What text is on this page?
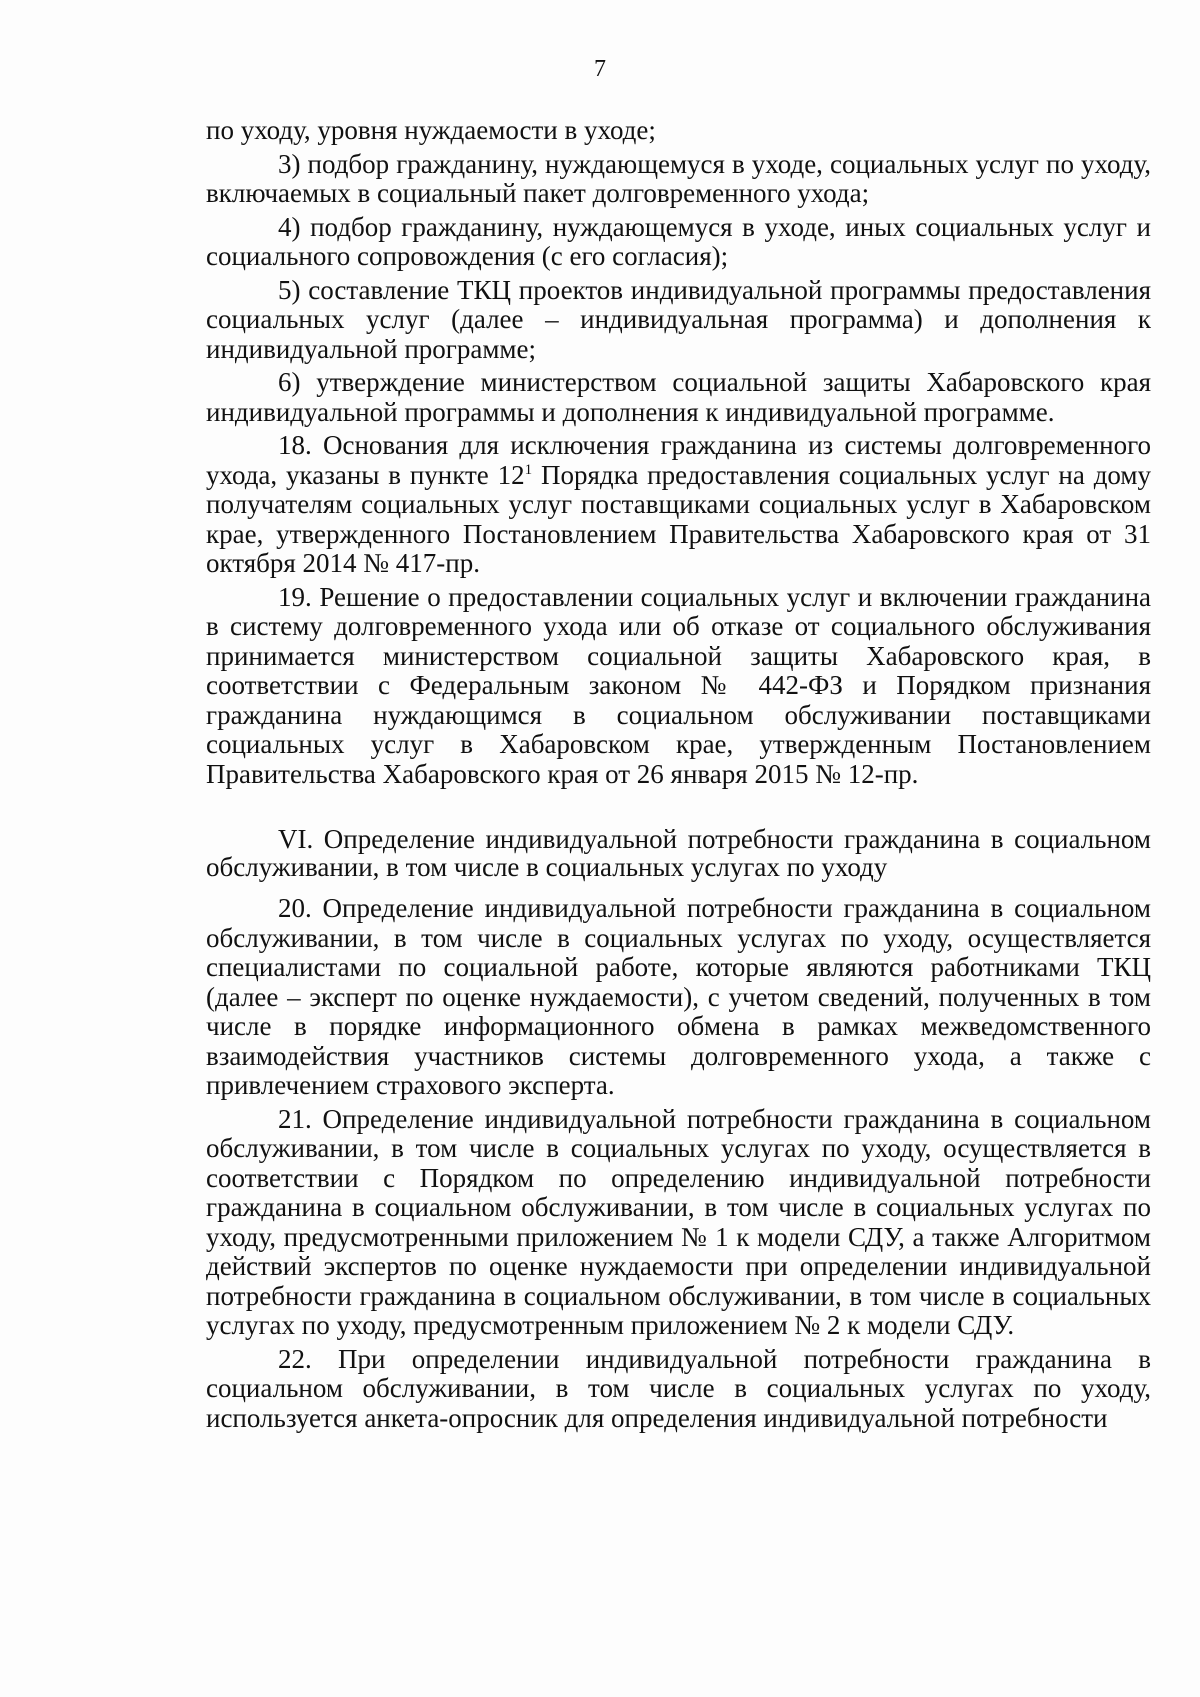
7

по уходу, уровня нуждаемости в уходе;

3) подбор гражданину, нуждающемуся в уходе, социальных услуг по уходу, включаемых в социальный пакет долговременного ухода;

4) подбор гражданину, нуждающемуся в уходе, иных социальных услуг и социального сопровождения (с его согласия);

5) составление ТКЦ проектов индивидуальной программы предоставления социальных услуг (далее – индивидуальная программа) и дополнения к индивидуальной программе;

6) утверждение министерством социальной защиты Хабаровского края индивидуальной программы и дополнения к индивидуальной программе.

18. Основания для исключения гражданина из системы долговременного ухода, указаны в пункте $12^1$ Порядка предоставления социальных услуг на дому получателям социальных услуг поставщиками социальных услуг в Хабаровском крае, утвержденного Постановлением Правительства Хабаровского края от 31 октября 2014 № 417-пр.

19. Решение о предоставлении социальных услуг и включении гражданина в систему долговременного ухода или об отказе от социального обслуживания принимается министерством социальной защиты Хабаровского края, в соответствии с Федеральным законом № 442-ФЗ и Порядком признания гражданина нуждающимся в социальном обслуживании поставщиками социальных услуг в Хабаровском крае, утвержденным Постановлением Правительства Хабаровского края от 26 января 2015 № 12-пр.

VI. Определение индивидуальной потребности гражданина в социальном обслуживании, в том числе в социальных услугах по уходу

20. Определение индивидуальной потребности гражданина в социальном обслуживании, в том числе в социальных услугах по уходу, осуществляется специалистами по социальной работе, которые являются работниками ТКЦ (далее – эксперт по оценке нуждаемости), с учетом сведений, полученных в том числе в порядке информационного обмена в рамках межведомственного взаимодействия участников системы долговременного ухода, а также с привлечением страхового эксперта.

21. Определение индивидуальной потребности гражданина в социальном обслуживании, в том числе в социальных услугах по уходу, осуществляется в соответствии с Порядком по определению индивидуальной потребности гражданина в социальном обслуживании, в том числе в социальных услугах по уходу, предусмотренными приложением № 1 к модели СДУ, а также Алгоритмом действий экспертов по оценке нуждаемости при определении индивидуальной потребности гражданина в социальном обслуживании, в том числе в социальных услугах по уходу, предусмотренным приложением № 2 к модели СДУ.

22. При определении индивидуальной потребности гражданина в социальном обслуживании, в том числе в социальных услугах по уходу, используется анкета-опросник для определения индивидуальной потребности
